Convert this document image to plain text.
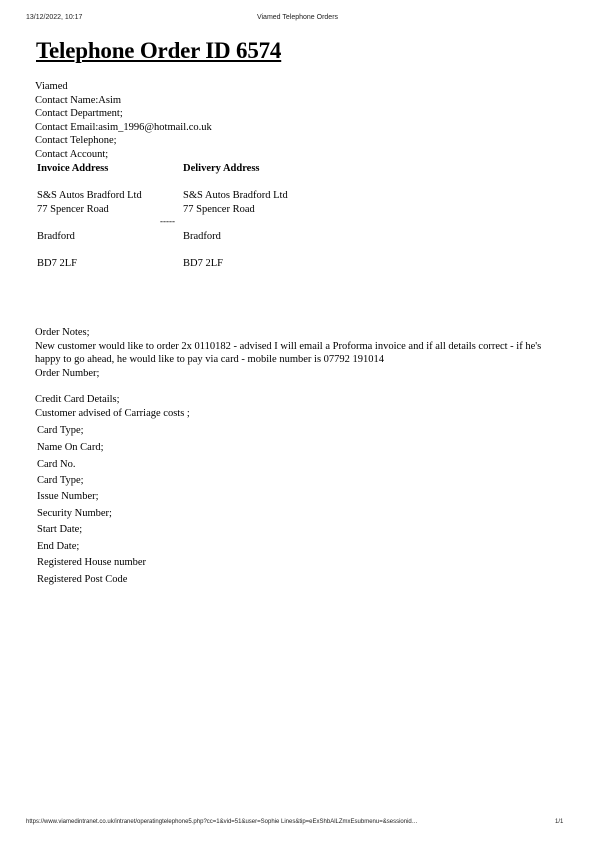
13/12/2022, 10:17	Viamed Telephone Orders
Telephone Order ID 6574
Viamed
Contact Name:Asim
Contact Department;
Contact Email:asim_1996@hotmail.co.uk
Contact Telephone;
Contact Account;
Invoice Address	Delivery Address
S&S Autos Bradford Ltd	S&S Autos Bradford Ltd
77 Spencer Road	77 Spencer Road
-----
Bradford	Bradford
BD7 2LF	BD7 2LF
Order Notes;
New customer would like to order 2x 0110182 - advised I will email a Proforma invoice and if all details correct - if he's happy to go ahead, he would like to pay via card - mobile number is 07792 191014
Order Number;
Credit Card Details;
Customer advised of Carriage costs ;
Card Type;
Name On Card;
Card No.
Card Type;
Issue Number;
Security Number;
Start Date;
End Date;
Registered House number
Registered Post Code
https://www.viamedintranet.co.uk/intranet/operatingtelephone5.php?cc=1&vid=51&user=Sophie Lines&tip=eExShbAlLZmxEsubmenu=&sessionid…	1/1
